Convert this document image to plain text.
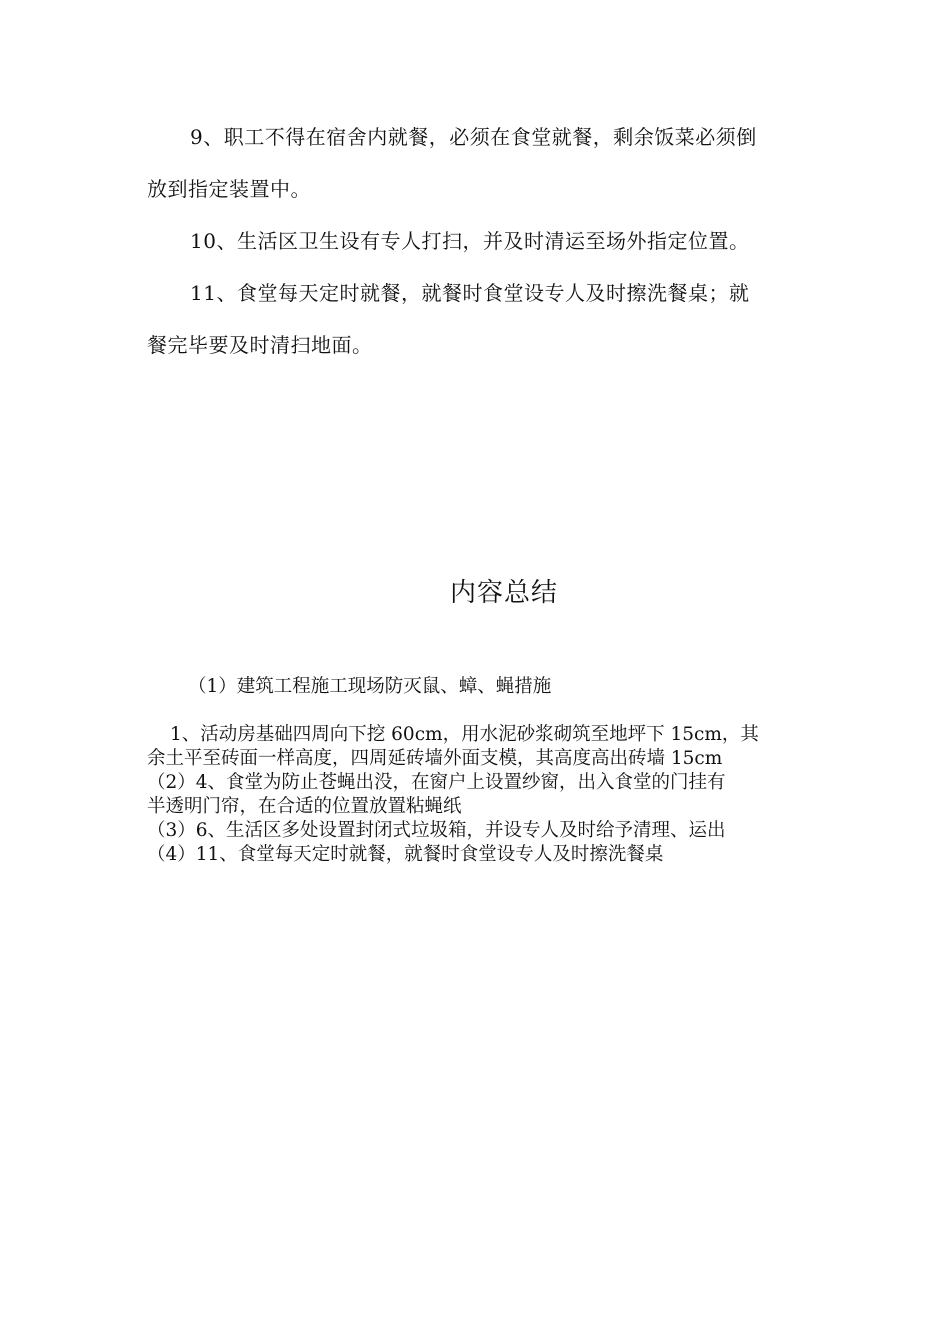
9、职工不得在宿舍内就餐，必须在食堂就餐，剩余饭菜必须倒
放到指定装置中。
10、生活区卫生设有专人打扫，并及时清运至场外指定位置。
11、食堂每天定时就餐，就餐时食堂设专人及时擦洗餐桌；就
餐完毕要及时清扫地面。
内容总结
（1）建筑工程施工现场防灭鼠、蟑、蝇措施
1、活动房基础四周向下挖 60cm，用水泥砂浆砌筑至地坪下 15cm，其
余土平至砖面一样高度，四周延砖墙外面支模，其高度高出砖墙 15cm
（2）4、食堂为防止苍蝇出没，在窗户上设置纱窗，出入食堂的门挂有
半透明门帘，在合适的位置放置粘蝇纸
（3）6、生活区多处设置封闭式垃圾箱，并设专人及时给予清理、运出
（4）11、食堂每天定时就餐，就餐时食堂设专人及时擦洗餐桌
